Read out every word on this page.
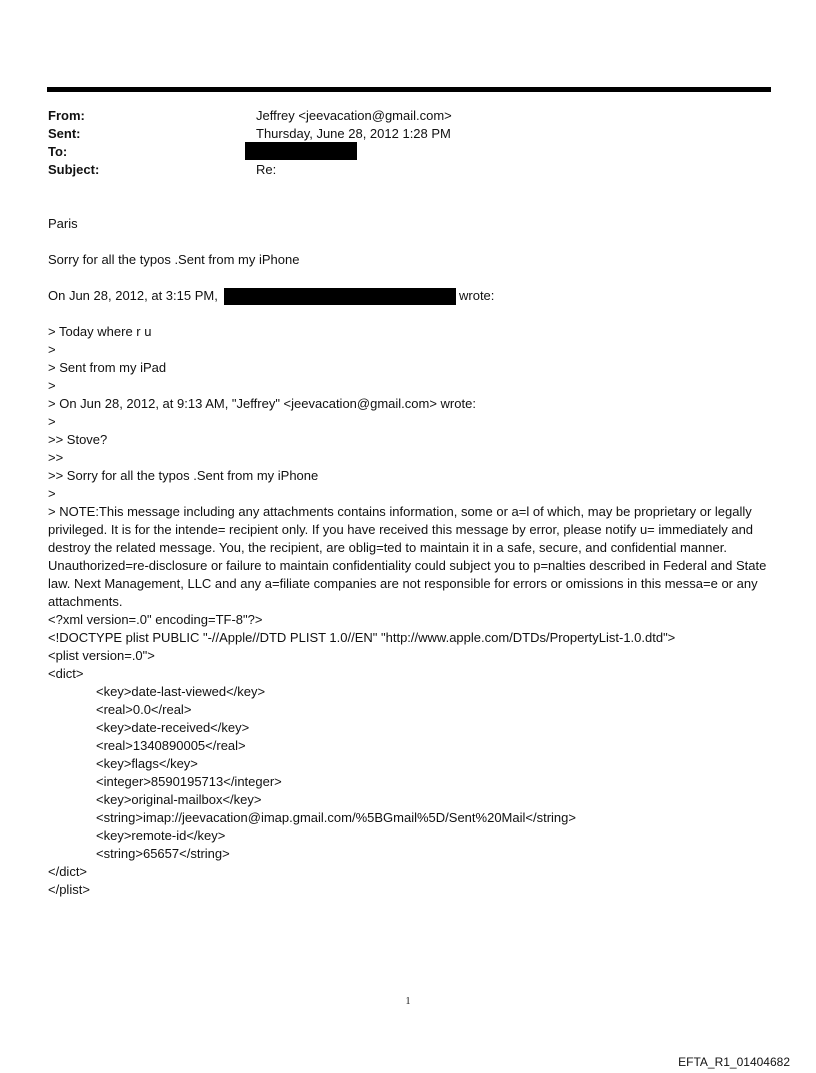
From:	Jeffrey <jeevacation@gmail.com>
Sent:	Thursday, June 28, 2012 1:28 PM
To:
Subject:	Re:
Paris
Sorry for all the typos .Sent from my iPhone
On Jun 28, 2012, at 3:15 PM,	wrote:
> Today where r u
>
> Sent from my iPad
>
> On Jun 28, 2012, at 9:13 AM, "Jeffrey" <jeevacation@gmail.com> wrote:
>
>> Stove?
>>
>> Sorry for all the typos .Sent from my iPhone
>
> NOTE:This message including any attachments contains information, some or a=l of which, may be proprietary or legally privileged. It is for the intende= recipient only. If you have received this message by error, please notify u= immediately and destroy the related message. You, the recipient, are oblig=ted to maintain it in a safe, secure, and confidential manner. Unauthorized=re-disclosure or failure to maintain confidentiality could subject you to p=nalties described in Federal and State law. Next Management, LLC and any a=filiate companies are not responsible for errors or omissions in this messa=e or any attachments.
<?xml version=.0" encoding=TF-8"?>
<!DOCTYPE plist PUBLIC "-//Apple//DTD PLIST 1.0//EN" "http://www.apple.com/DTDs/PropertyList-1.0.dtd">
<plist version=.0">
<dict>
<key>date-last-viewed</key>
<real>0.0</real>
<key>date-received</key>
<real>1340890005</real>
<key>flags</key>
<integer>8590195713</integer>
<key>original-mailbox</key>
<string>imap://jeevacation@imap.gmail.com/%5BGmail%5D/Sent%20Mail</string>
<key>remote-id</key>
<string>65657</string>
</dict>
</plist>
1
EFTA_R1_01404682
